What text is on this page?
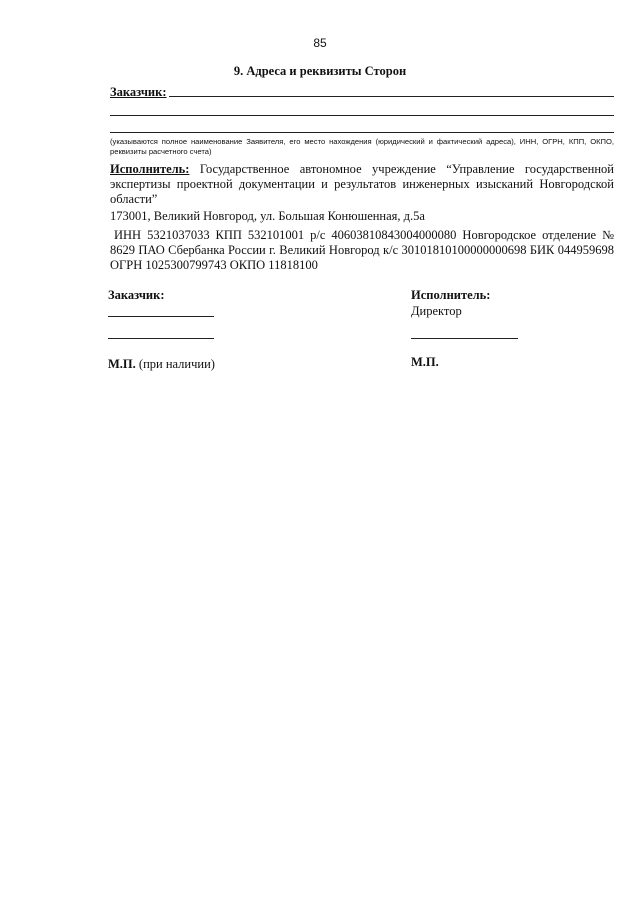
85
9. Адреса и реквизиты Сторон
Заказчик:
(указываются полное наименование Заявителя, его место нахождения (юридический и фактический адреса), ИНН, ОГРН, КПП, ОКПО, реквизиты расчетного счета)
Исполнитель: Государственное автономное учреждение “Управление государственной экспертизы проектной документации и результатов инженерных изысканий Новгородской области”
173001, Великий Новгород, ул. Большая Конюшенная, д.5а
ИНН 5321037033 КПП 532101001 р/с 40603810843004000080 Новгородское отделение № 8629 ПАО Сбербанка России г. Великий Новгород к/с 30101810100000000698 БИК 044959698 ОГРН 1025300799743 ОКПО 11818100
Заказчик:
М.П. (при наличии)
Исполнитель:
Директор
М.П.
